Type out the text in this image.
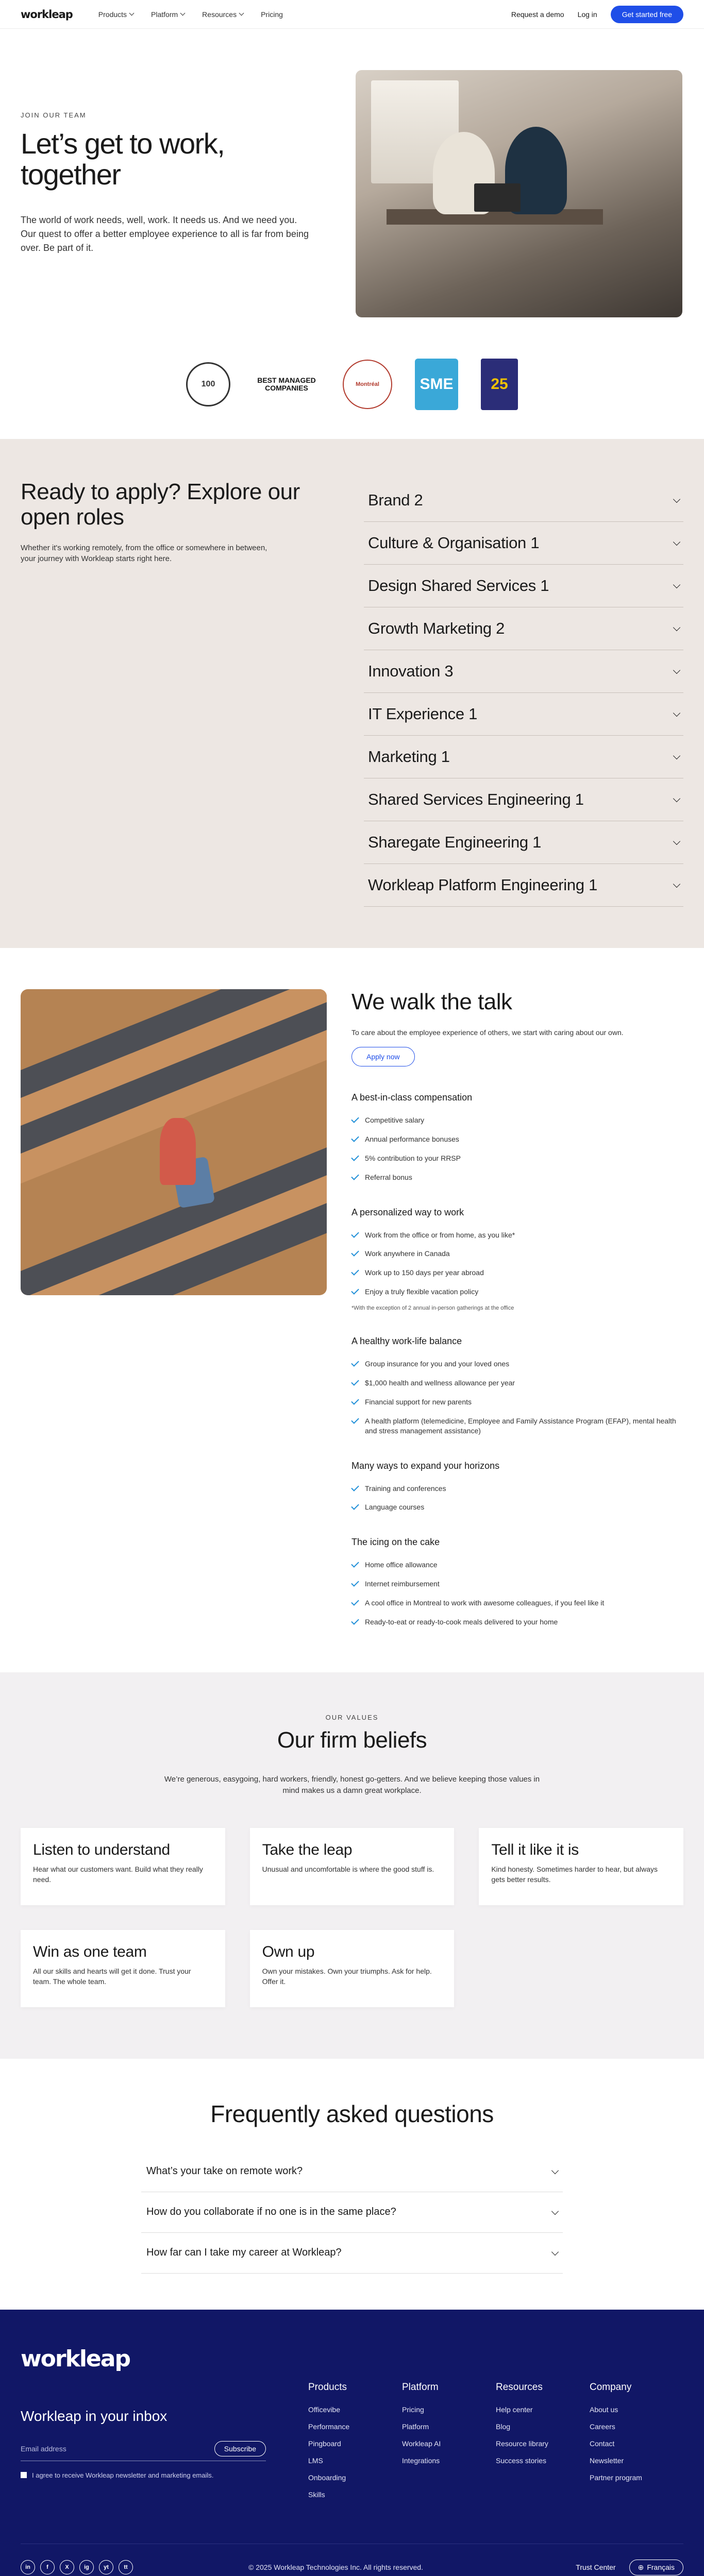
workleap	Products	Platform	Resources	Pricing	Request a demo Log in	Get started free
JOIN OUR TEAM
Let’s get to work, together

The world of work needs, well, work. It needs us. And we need you. Our quest to offer a better employee experience to all is far from being over. Be part of it.

100	BEST MANAGED COMPANIES	Montréal	SME	25
Ready to apply? Explore our open roles

Whether it's working remotely, from the office or somewhere in between, your journey with Workleap starts right here.

Brand 2
Culture & Organisation 1
Design Shared Services 1
Growth Marketing 2
Innovation 3
IT Experience 1
Marketing 1
Shared Services Engineering 1
Sharegate Engineering 1
Workleap Platform Engineering 1
We walk the talk

To care about the employee experience of others, we start with caring about our own.

Apply now
A best-in-class compensation
Competitive salary
Annual performance bonuses
5% contribution to your RRSP
Referral bonus
A personalized way to work
Work from the office or from home, as you like*
Work anywhere in Canada
Work up to 150 days per year abroad
Enjoy a truly flexible vacation policy
*With the exception of 2 annual in-person gatherings at the office
A healthy work-life balance
Group insurance for you and your loved ones
$1,000 health and wellness allowance per year
Financial support for new parents
A health platform (telemedicine, Employee and Family Assistance Program (EFAP), mental health and stress management assistance)
Many ways to expand your horizons
Training and conferences
Language courses
The icing on the cake
Home office allowance
Internet reimbursement
A cool office in Montreal to work with awesome colleagues, if you feel like it
Ready-to-eat or ready-to-cook meals delivered to your home
OUR VALUES
Our firm beliefs

We’re generous, easygoing, hard workers, friendly, honest go-getters. And we believe keeping those values in mind makes us a damn great workplace.

Listen to understand
Hear what our customers want. Build what they really need.
Take the leap
Unusual and uncomfortable is where the good stuff is.
Tell it like it is
Kind honesty. Sometimes harder to hear, but always gets better results.
Win as one team
All our skills and hearts will get it done. Trust your team. The whole team.
Own up
Own your mistakes. Own your triumphs. Ask for help. Offer it.
Frequently asked questions
What’s your take on remote work?
How do you collaborate if no one is in the same place?
How far can I take my career at Workleap?
workleap
Workleap in your inbox
Email address
Subscribe
I agree to receive Workleap newsletter and marketing emails.
Products
Officevibe
Performance
Pingboard
LMS
Onboarding
Skills
Platform
Pricing
Platform
Workleap AI
Integrations
Resources
Help center
Blog
Resource library
Success stories
Company
About us
Careers
Contact
Newsletter
Partner program
in	f	X	ig	yt	tt	© 2025 Workleap Technologies Inc. All rights reserved.	Trust Center	⊕ Français
